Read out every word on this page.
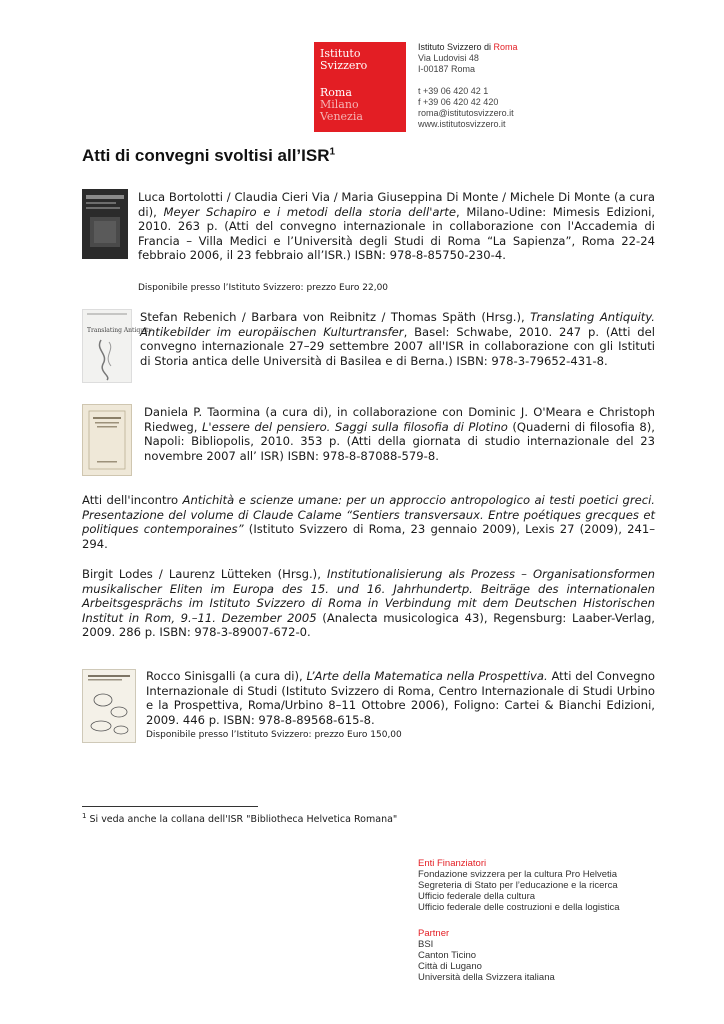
Istituto
Svizzero
Roma
Milano
Venezia
Istituto Svizzero di Roma
Via Ludovisi 48
I-00187 Roma
t +39 06 420 42 1
f +39 06 420 42 420
roma@istitutosvizzero.it
www.istitutosvizzero.it
Atti di convegni svoltisi all’ISR$^1$
Luca Bortolotti / Claudia Cieri Via / Maria Giuseppina Di Monte / Michele Di Monte (a cura di), Meyer Schapiro e i metodi della storia dell'arte, Milano-Udine: Mimesis Edizioni, 2010. 263 p. (Atti del convegno internazionale in collaborazione con l'Accademia di Francia – Villa Medici e l’Università degli Studi di Roma “La Sapienza”, Roma 22-24 febbraio 2006, il 23 febbraio all’ISR.) ISBN: 978-8-85750-230-4.
Disponibile presso l’Istituto Svizzero: prezzo Euro 22,00
Translating Antiquity
Stefan Rebenich / Barbara von Reibnitz / Thomas Späth (Hrsg.), Translating Antiquity. Antikebilder im europäischen Kulturtransfer, Basel: Schwabe, 2010. 247 p. (Atti del convegno internazionale 27–29 settembre 2007 all'ISR in collaborazione con gli Istituti di Storia antica delle Università di Basilea e di Berna.) ISBN: 978-3-79652-431-8.
Daniela P. Taormina (a cura di), in collaborazione con Dominic J. O'Meara e Christoph Riedweg, L'essere del pensiero. Saggi sulla filosofia di Plotino (Quaderni di filosofia 8), Napoli: Bibliopolis, 2010. 353 p. (Atti della giornata di studio internazionale del 23 novembre 2007 all’ ISR) ISBN: 978-8-87088-579-8.
Atti dell'incontro Antichità e scienze umane: per un approccio antropologico ai testi poetici greci. Presentazione del volume di Claude Calame “Sentiers transversaux. Entre poétiques grecques et politiques contemporaines” (Istituto Svizzero di Roma, 23 gennaio 2009), Lexis 27 (2009), 241–294.
Birgit Lodes / Laurenz Lütteken (Hrsg.), Institutionalisierung als Prozess – Organisationsformen musikalischer Eliten im Europa des 15. und 16. Jahrhundertp. Beiträge des internationalen Arbeitsgesprächs im Istituto Svizzero di Roma in Verbindung mit dem Deutschen Historischen Institut in Rom, 9.–11. Dezember 2005 (Analecta musicologica 43), Regensburg: Laaber-Verlag, 2009. 286 p. ISBN: 978-3-89007-672-0.
Rocco Sinisgalli (a cura di), L’Arte della Matematica nella Prospettiva. Atti del Convegno Internazionale di Studi (Istituto Svizzero di Roma, Centro Internazionale di Studi Urbino e la Prospettiva, Roma/Urbino 8–11 Ottobre 2006), Foligno: Cartei & Bianchi Edizioni, 2009. 446 p. ISBN: 978-8-89568-615-8.
Disponibile presso l’Istituto Svizzero: prezzo Euro 150,00
$^1$ Si veda anche la collana dell'ISR "Bibliotheca Helvetica Romana"
Enti Finanziatori
Fondazione svizzera per la cultura Pro Helvetia
Segreteria di Stato per l’educazione e la ricerca
Ufficio federale della cultura
Ufficio federale delle costruzioni e della logistica
Partner
BSI
Canton Ticino
Città di Lugano
Università della Svizzera italiana
